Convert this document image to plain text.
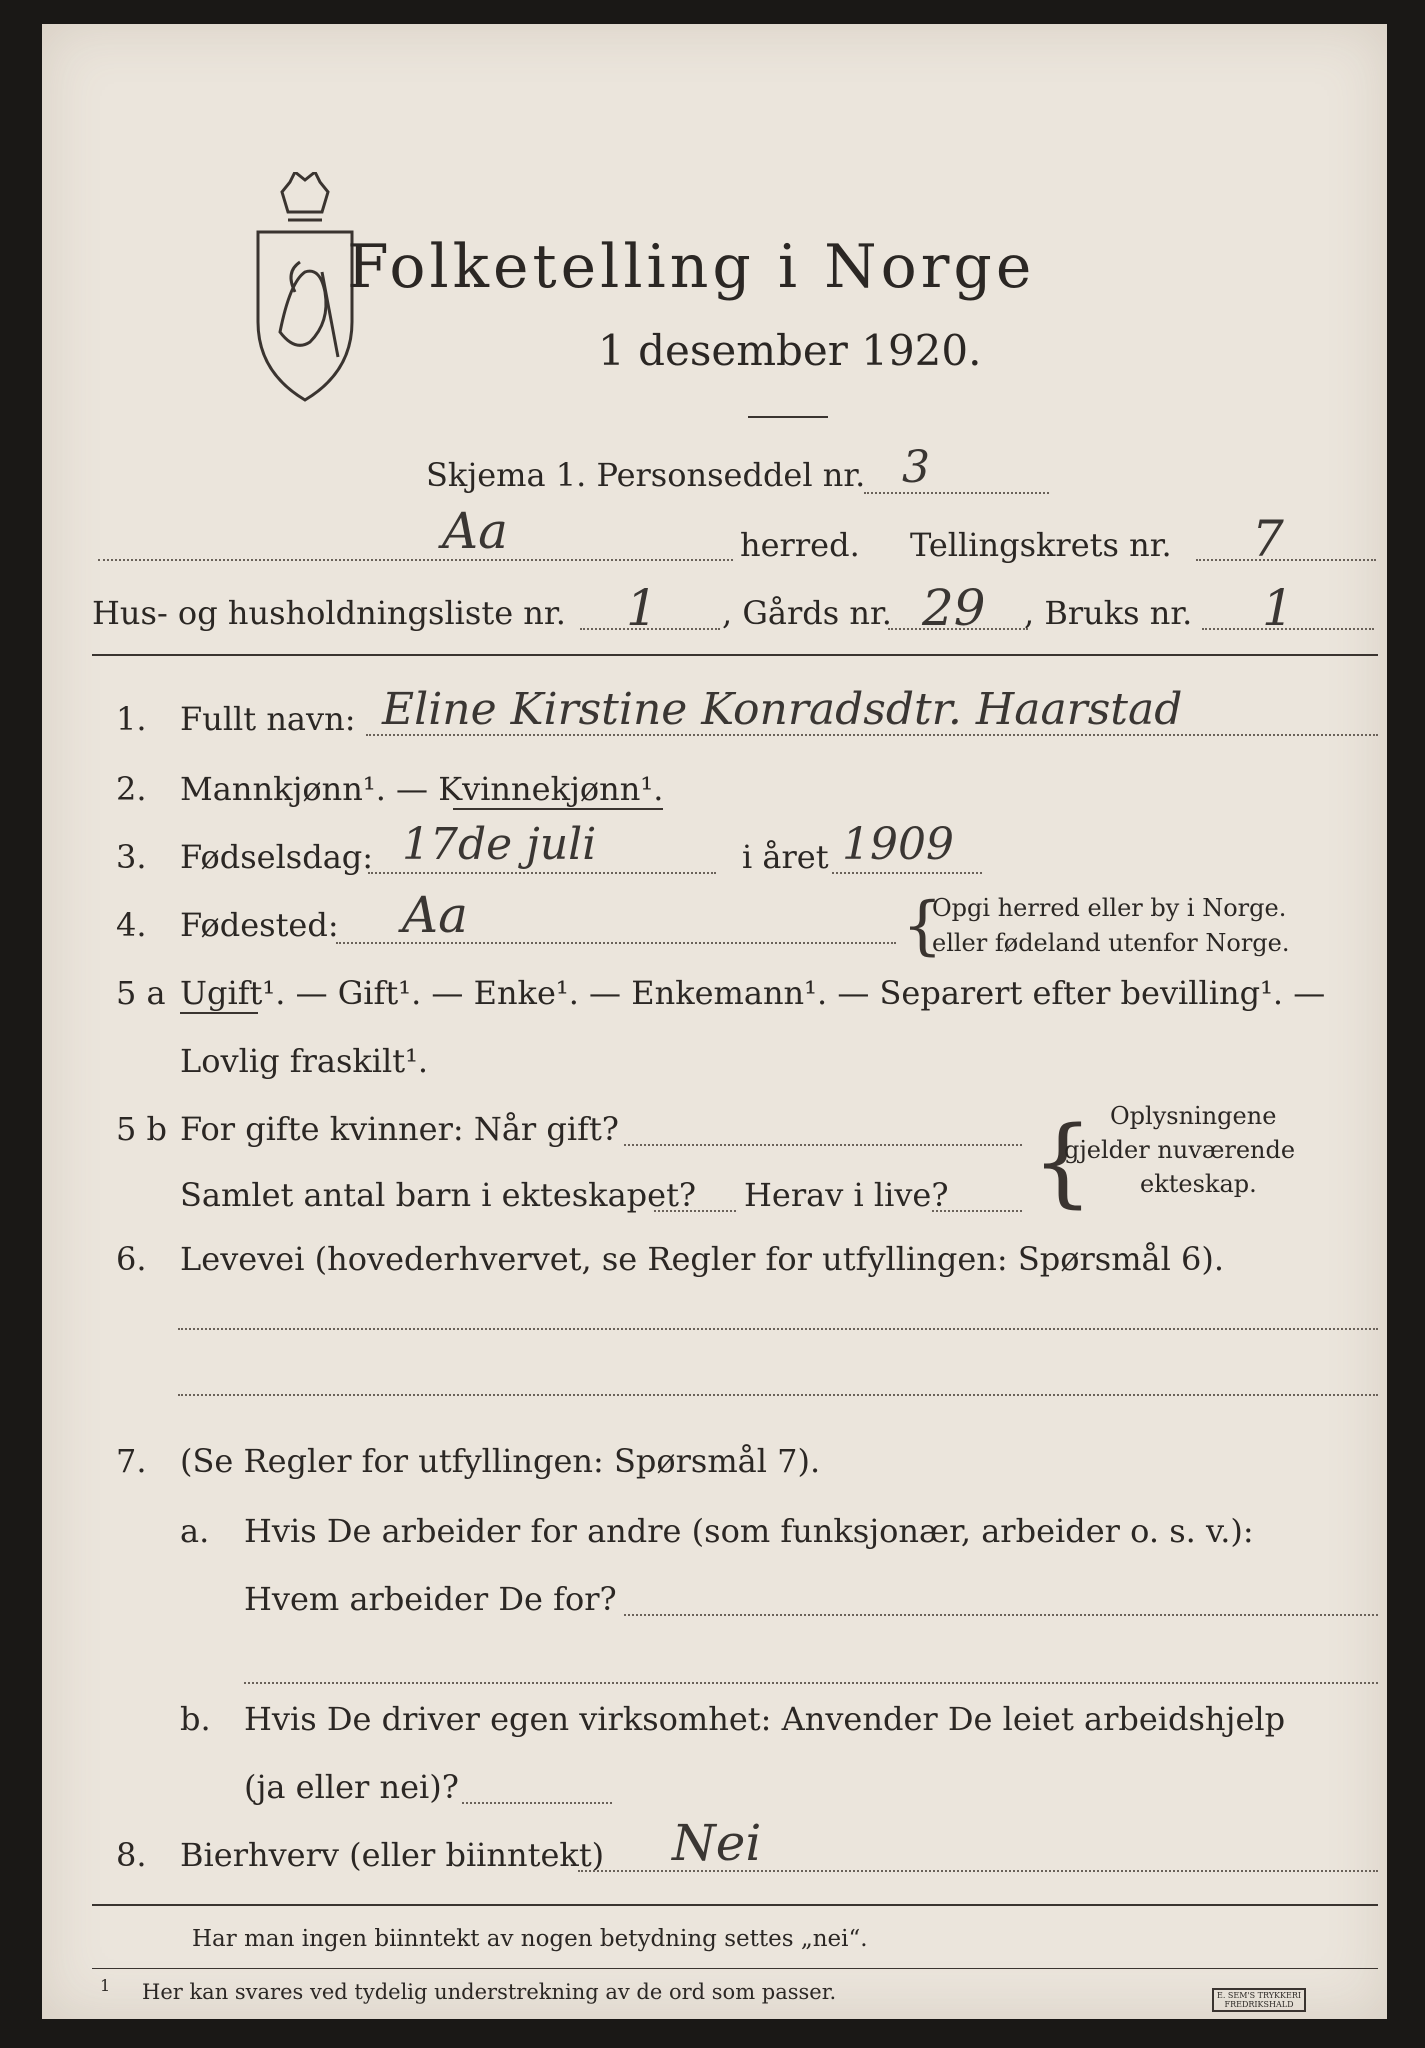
Folketelling i Norge
1 desember 1920.
Skjema 1. Personseddel nr. 3
Aa	herred. Tellingskrets nr. 7
Hus- og husholdningsliste nr. 1 , Gårds nr. 29 , Bruks nr. 1
1. Fullt navn: Eline Kirstine Konradsdtr. Haarstad
2. Mannkjønn¹. — Kvinnekjønn¹.
3. Fødselsdag: 17de juli	i året 1909
4. Fødested: Aa	{
Opgi herred eller by i Norge.
eller fødeland utenfor Norge.
5 a Ugift¹. — Gift¹. — Enke¹. — Enkemann¹. — Separert efter bevilling¹. —
Lovlig fraskilt¹.
5 b For gifte kvinner: Når gift?
Samlet antal barn i ekteskapet? Herav i live? { Oplysningene
gjelder nuværende
ekteskap.
6. Levevei (hovederhvervet, se Regler for utfyllingen: Spørsmål 6).
7. (Se Regler for utfyllingen: Spørsmål 7).
a. Hvis De arbeider for andre (som funksjonær, arbeider o. s. v.):
Hvem arbeider De for?
b. Hvis De driver egen virksomhet: Anvender De leiet arbeidshjelp
(ja eller nei)?
8. Bierhverv (eller biinntekt) Nei
Har man ingen biinntekt av nogen betydning settes „nei“.
1 Her kan svares ved tydelig understrekning av de ord som passer.	E. SEM'S TRYKKERI
FREDRIKSHALD
